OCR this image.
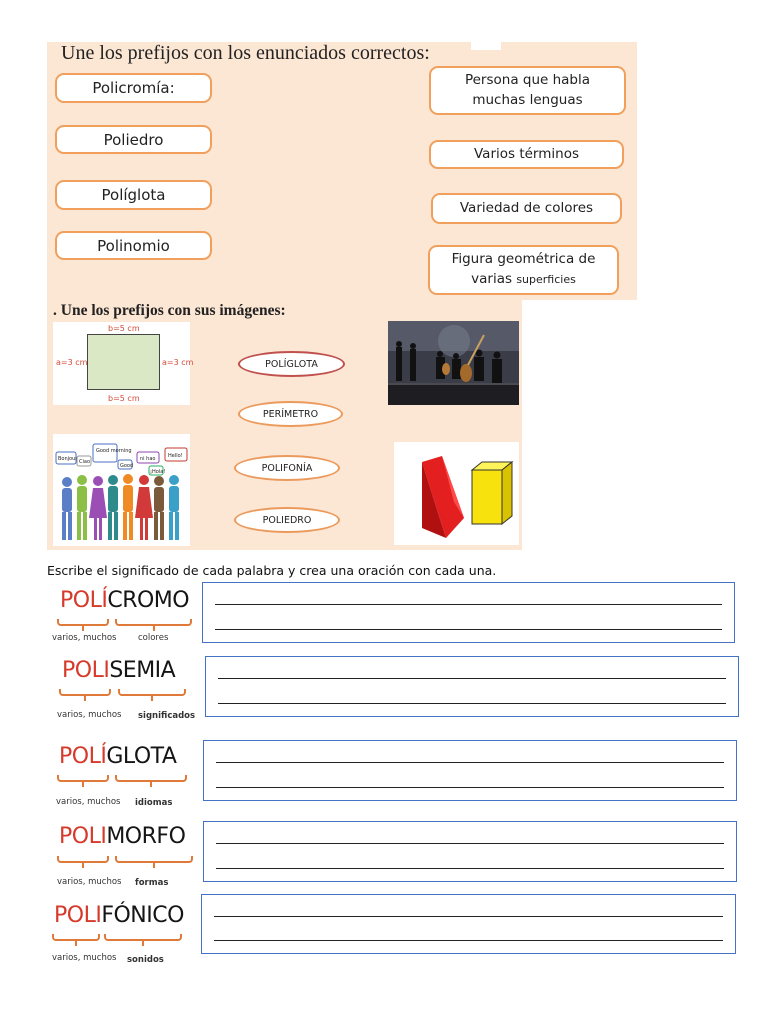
Une los prefijos con los enunciados correctos:
Policromía:
Poliedro
Políglota
Polinomio
Persona que habla
muchas lenguas
Varios términos
Variedad de colores
Figura geométrica de
varias superficies
. Une los prefijos con sus imágenes:
b=5 cm
b=5 cm
a=3 cm	a=3 cm
Bonjour
Good morning
Good
Hello!
ni hao
Ciao
¡Hola!
POLÍGLOTA
PERÍMETRO
POLIFONÍA
POLIEDRO
Escribe el significado de cada palabra y crea una oración con cada una.
POLÍCROMO
varios, muchos	colores
POLISEMIA
varios, muchos significados
POLÍGLOTA
varios, muchos idiomas
POLIMORFO
varios, muchos formas
POLIFÓNICO
varios, muchos sonidos
